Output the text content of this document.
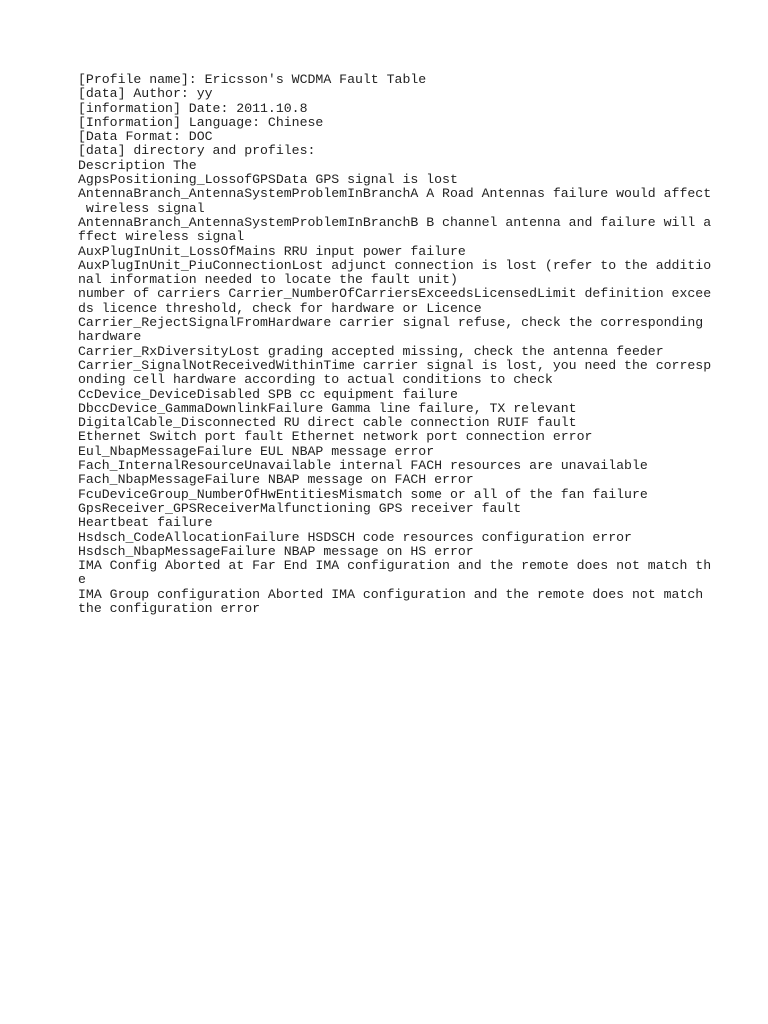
[Profile name]: Ericsson's WCDMA Fault Table
[data] Author: yy
[information] Date: 2011.10.8
[Information] Language: Chinese
[Data Format: DOC
[data] directory and profiles:
Description The
AgpsPositioning_LossofGPSData GPS signal is lost
AntennaBranch_AntennaSystemProblemInBranchA A Road Antennas failure would affect
wireless signal
AntennaBranch_AntennaSystemProblemInBranchB B channel antenna and failure will a
ffect wireless signal
AuxPlugInUnit_LossOfMains RRU input power failure
AuxPlugInUnit_PiuConnectionLost adjunct connection is lost (refer to the additio
nal information needed to locate the fault unit)
number of carriers Carrier_NumberOfCarriersExceedsLicensedLimit definition excee
ds licence threshold, check for hardware or Licence
Carrier_RejectSignalFromHardware carrier signal refuse, check the corresponding
hardware
Carrier_RxDiversityLost grading accepted missing, check the antenna feeder
Carrier_SignalNotReceivedWithinTime carrier signal is lost, you need the corresp
onding cell hardware according to actual conditions to check
CcDevice_DeviceDisabled SPB cc equipment failure
DbccDevice_GammaDownlinkFailure Gamma line failure, TX relevant
DigitalCable_Disconnected RU direct cable connection RUIF fault
Ethernet Switch port fault Ethernet network port connection error
Eul_NbapMessageFailure EUL NBAP message error
Fach_InternalResourceUnavailable internal FACH resources are unavailable
Fach_NbapMessageFailure NBAP message on FACH error
FcuDeviceGroup_NumberOfHwEntitiesMismatch some or all of the fan failure
GpsReceiver_GPSReceiverMalfunctioning GPS receiver fault
Heartbeat failure
Hsdsch_CodeAllocationFailure HSDSCH code resources configuration error
Hsdsch_NbapMessageFailure NBAP message on HS error
IMA Config Aborted at Far End IMA configuration and the remote does not match th
e
IMA Group configuration Aborted IMA configuration and the remote does not match
the configuration error
